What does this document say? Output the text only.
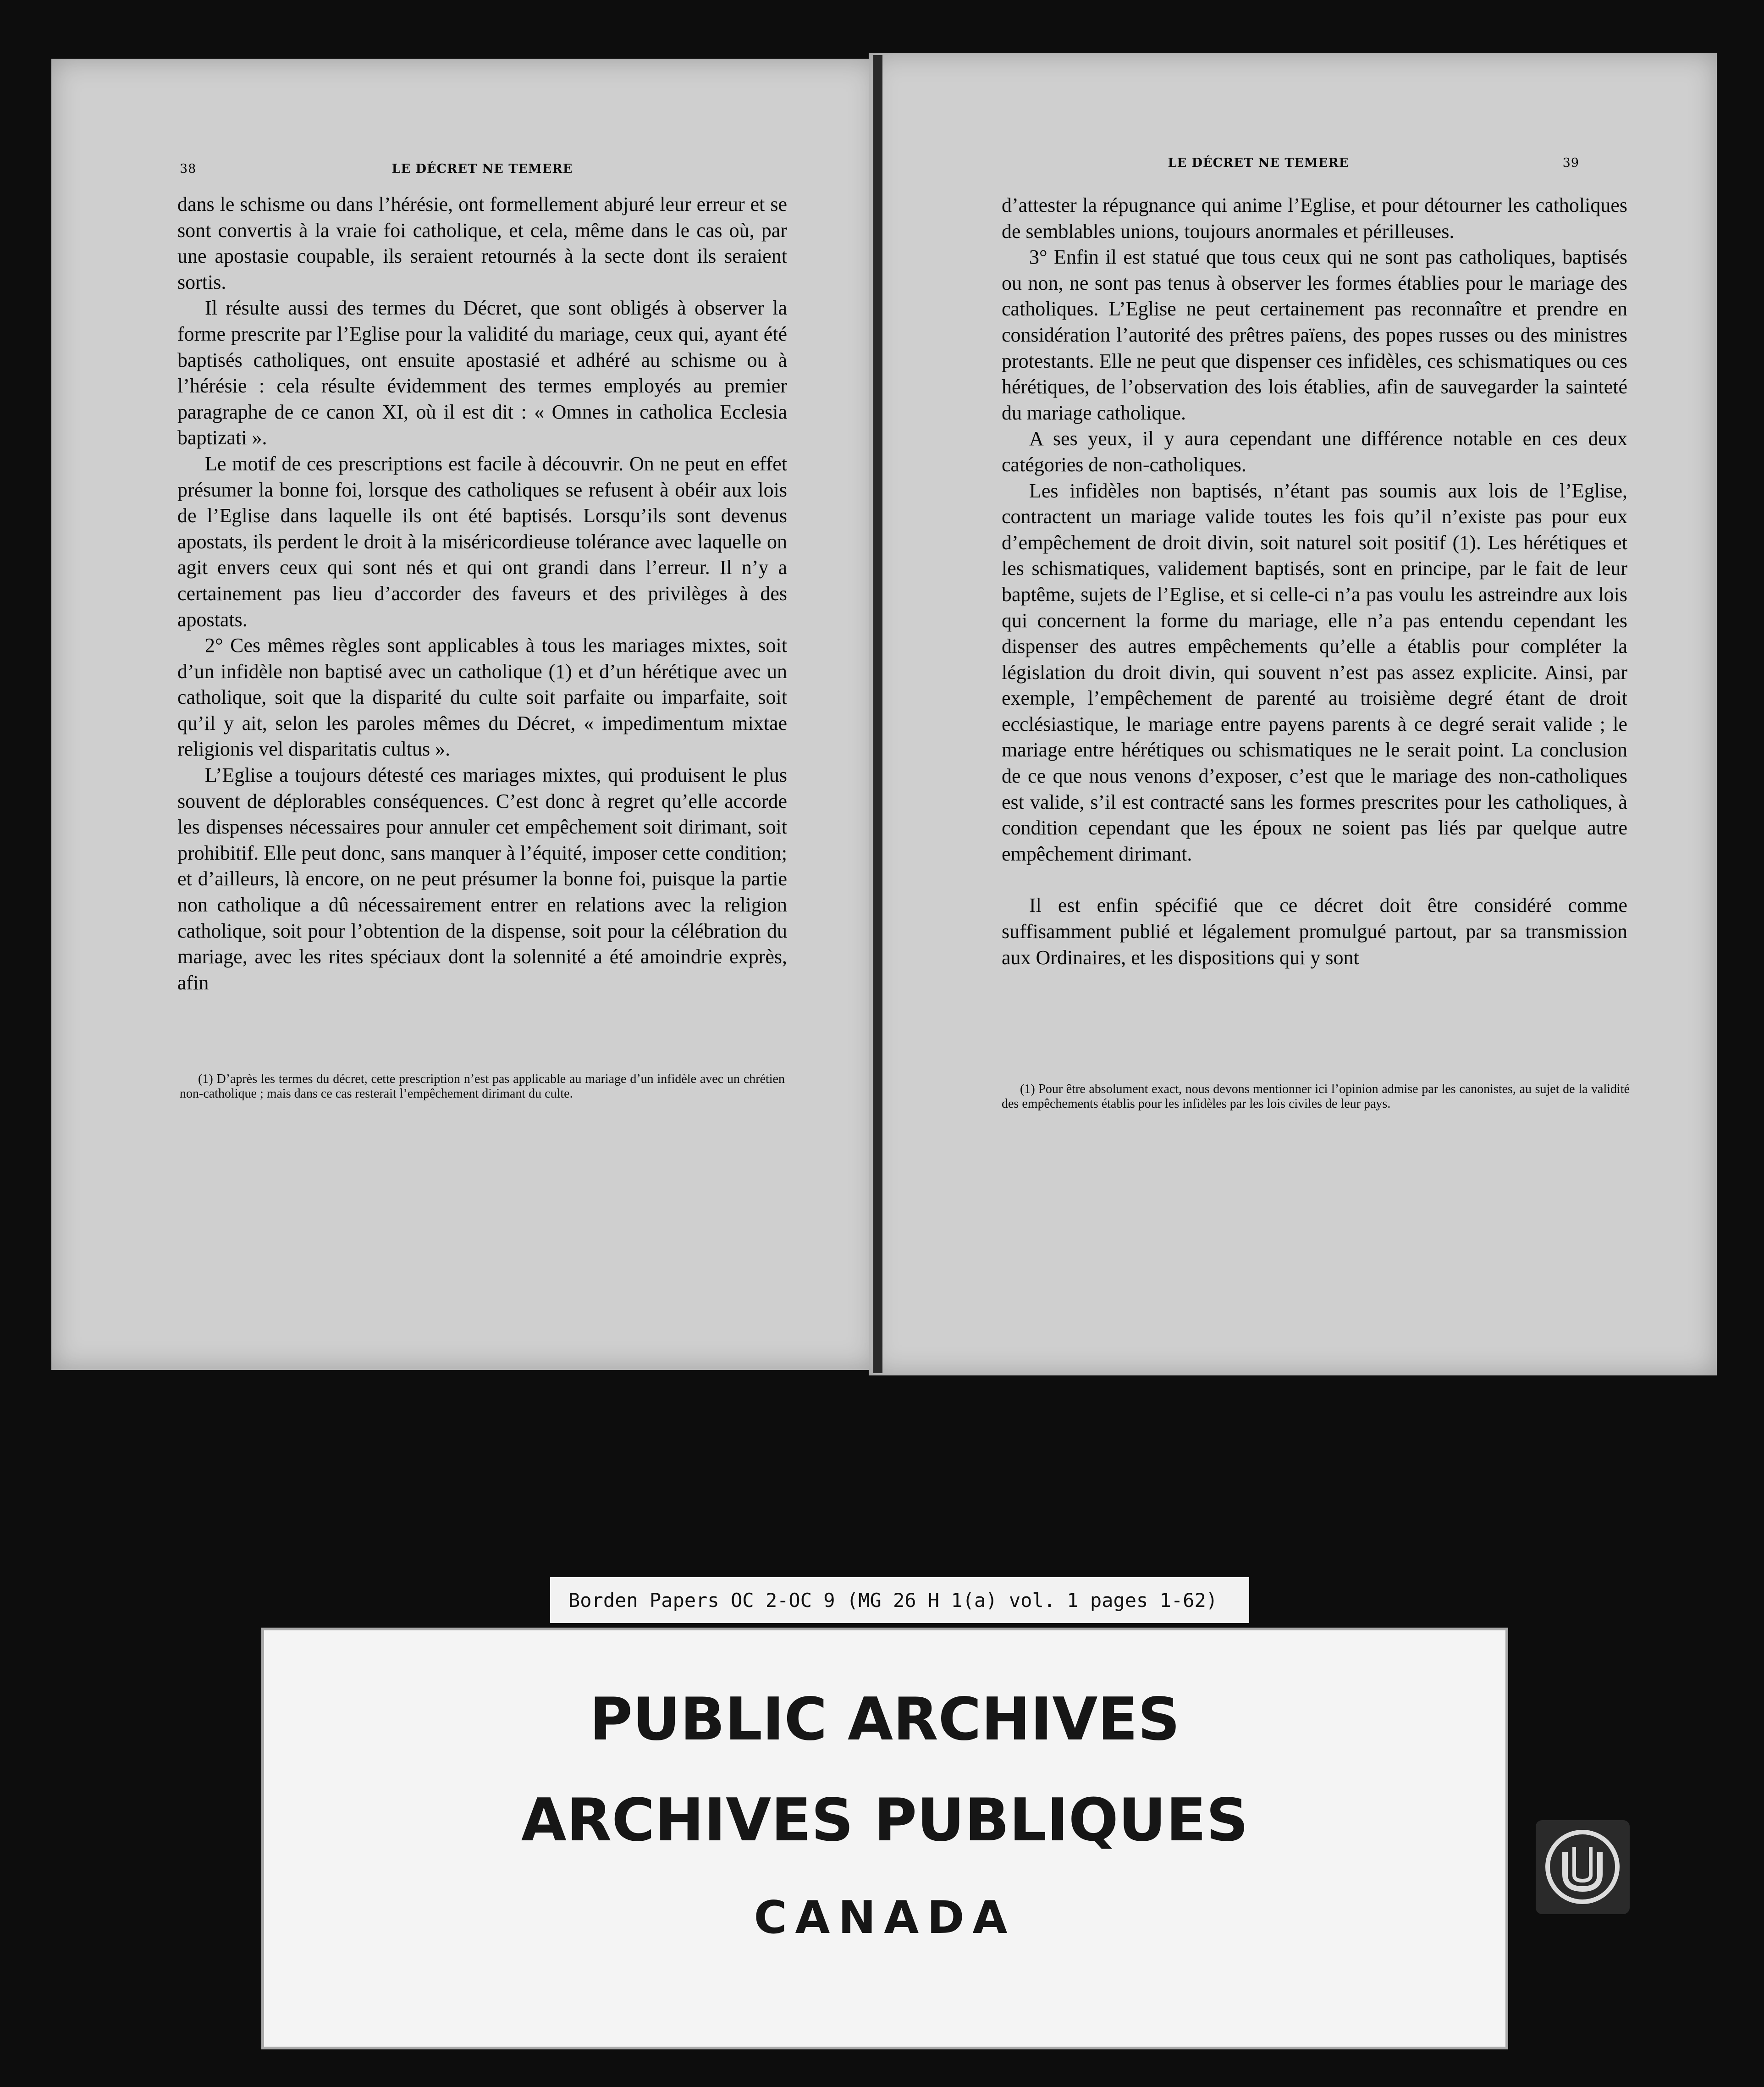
38	LE DÉCRET NE TEMERE

dans le schisme ou dans l’hérésie, ont formellement abjuré leur erreur et se sont convertis à la vraie foi catholique, et cela, même dans le cas où, par une apostasie coupable, ils seraient retournés à la secte dont ils seraient sortis.

Il résulte aussi des termes du Décret, que sont obligés à observer la forme prescrite par l’Eglise pour la validité du mariage, ceux qui, ayant été baptisés catholiques, ont ensuite apostasié et adhéré au schisme ou à l’hérésie : cela résulte évidemment des termes employés au premier paragraphe de ce canon XI, où il est dit : « Omnes in catholica Ecclesia baptizati ».

Le motif de ces prescriptions est facile à découvrir. On ne peut en effet présumer la bonne foi, lorsque des catholiques se refusent à obéir aux lois de l’Eglise dans laquelle ils ont été baptisés. Lorsqu’ils sont devenus apostats, ils perdent le droit à la miséricordieuse tolérance avec laquelle on agit envers ceux qui sont nés et qui ont grandi dans l’erreur. Il n’y a certainement pas lieu d’accorder des faveurs et des privilèges à des apostats.

2° Ces mêmes règles sont applicables à tous les mariages mixtes, soit d’un infidèle non baptisé avec un catholique (1) et d’un hérétique avec un catholique, soit que la disparité du culte soit parfaite ou imparfaite, soit qu’il y ait, selon les paroles mêmes du Décret, « impedimentum mixtae religionis vel disparitatis cultus ».

L’Eglise a toujours détesté ces mariages mixtes, qui produisent le plus souvent de déplorables conséquences. C’est donc à regret qu’elle accorde les dispenses nécessaires pour annuler cet empêchement soit dirimant, soit prohibitif. Elle peut donc, sans manquer à l’équité, imposer cette condition; et d’ailleurs, là encore, on ne peut présumer la bonne foi, puisque la partie non catholique a dû nécessairement entrer en relations avec la religion catholique, soit pour l’obtention de la dispense, soit pour la célébration du mariage, avec les rites spéciaux dont la solennité a été amoindrie exprès, afin

(1) D’après les termes du décret, cette prescription n’est pas applicable au mariage d’un infidèle avec un chrétien non-catholique ; mais dans ce cas resterait l’empêchement dirimant du culte.

LE DÉCRET NE TEMERE	39

d’attester la répugnance qui anime l’Eglise, et pour détourner les catholiques de semblables unions, toujours anormales et périlleuses.

3° Enfin il est statué que tous ceux qui ne sont pas catholiques, baptisés ou non, ne sont pas tenus à observer les formes établies pour le mariage des catholiques. L’Eglise ne peut certainement pas reconnaître et prendre en considération l’autorité des prêtres païens, des popes russes ou des ministres protestants. Elle ne peut que dispenser ces infidèles, ces schismatiques ou ces hérétiques, de l’observation des lois établies, afin de sauvegarder la sainteté du mariage catholique.

A ses yeux, il y aura cependant une différence notable en ces deux catégories de non-catholiques.

Les infidèles non baptisés, n’étant pas soumis aux lois de l’Eglise, contractent un mariage valide toutes les fois qu’il n’existe pas pour eux d’empêchement de droit divin, soit naturel soit positif (1). Les hérétiques et les schismatiques, validement baptisés, sont en principe, par le fait de leur baptême, sujets de l’Eglise, et si celle-ci n’a pas voulu les astreindre aux lois qui concernent la forme du mariage, elle n’a pas entendu cependant les dispenser des autres empêchements qu’elle a établis pour compléter la législation du droit divin, qui souvent n’est pas assez explicite. Ainsi, par exemple, l’empêchement de parenté au troisième degré étant de droit ecclésiastique, le mariage entre payens parents à ce degré serait valide ; le mariage entre hérétiques ou schismatiques ne le serait point. La conclusion de ce que nous venons d’exposer, c’est que le mariage des non-catholiques est valide, s’il est contracté sans les formes prescrites pour les catholiques, à condition cependant que les époux ne soient pas liés par quelque autre empêchement dirimant.

Il est enfin spécifié que ce décret doit être considéré comme suffisamment publié et légalement promulgué partout, par sa transmission aux Ordinaires, et les dispositions qui y sont

(1) Pour être absolument exact, nous devons mentionner ici l’opinion admise par les canonistes, au sujet de la validité des empêchements établis pour les infidèles par les lois civiles de leur pays.

Borden Papers OC 2-OC 9 (MG 26 H 1(a) vol. 1 pages 1-62)
PUBLIC ARCHIVES
ARCHIVES PUBLIQUES
CANADA
